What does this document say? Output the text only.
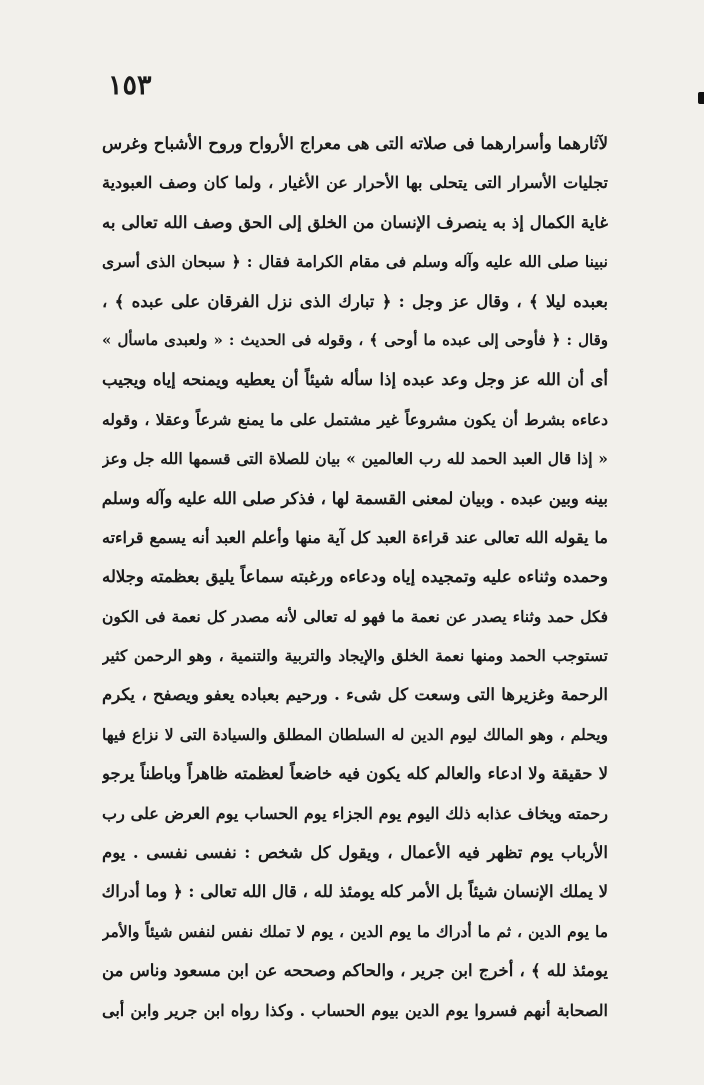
١٥٣
لآثارهما وأسرارهما فى صلاته التى هى معراج الأرواح وروح الأشباح وغرس
تجليات الأسرار التى يتحلى بها الأحرار عن الأغيار ، ولما كان وصف العبودية
غاية الكمال إذ به ينصرف الإنسان من الخلق إلى الحق وصف الله تعالى به
نبينا صلى الله عليه وآله وسلم فى مقام الكرامة فقال : ﴿ سبحان الذى أسرى
بعبده ليلا ﴾ ، وقال عز وجل : ﴿ تبارك الذى نزل الفرقان على عبده ﴾ ،
وقال : ﴿ فأوحى إلى عبده ما أوحى ﴾ ، وقوله فى الحديث : « ولعبدى ماسأل »
أى أن الله عز وجل وعد عبده إذا سأله شيئاً أن يعطيه ويمنحه إياه ويجيب
دعاءه بشرط أن يكون مشروعاً غير مشتمل على ما يمنع شرعاً وعقلا ، وقوله
« إذا قال العبد الحمد لله رب العالمين » بيان للصلاة التى قسمها الله جل وعز
بينه وبين عبده . وبيان لمعنى القسمة لها ، فذكر صلى الله عليه وآله وسلم
ما يقوله الله تعالى عند قراءة العبد كل آية منها وأعلم العبد أنه يسمع قراءته
وحمده وثناءه عليه وتمجيده إياه ودعاءه ورغبته سماعاً يليق بعظمته وجلاله
فكل حمد وثناء يصدر عن نعمة ما فهو له تعالى لأنه مصدر كل نعمة فى الكون
تستوجب الحمد ومنها نعمة الخلق والإيجاد والتربية والتنمية ، وهو الرحمن كثير
الرحمة وغزيرها التى وسعت كل شىء . ورحيم بعباده يعفو ويصفح ، يكرم
ويحلم ، وهو المالك ليوم الدين له السلطان المطلق والسيادة التى لا نزاع فيها
لا حقيقة ولا ادعاء والعالم كله يكون فيه خاضعاً لعظمته ظاهراً وباطناً يرجو
رحمته ويخاف عذابه ذلك اليوم يوم الجزاء يوم الحساب يوم العرض على رب
الأرباب يوم تظهر فيه الأعمال ، ويقول كل شخص : نفسى نفسى . يوم
لا يملك الإنسان شيئاً بل الأمر كله يومئذ لله ، قال الله تعالى : ﴿ وما أدراك
ما يوم الدين ، ثم ما أدراك ما يوم الدين ، يوم لا تملك نفس لنفس شيئاً والأمر
يومئذ لله ﴾ ، أخرج ابن جرير ، والحاكم وصححه عن ابن مسعود وناس من
الصحابة أنهم فسروا يوم الدين بيوم الحساب . وكذا رواه ابن جرير وابن أبى
